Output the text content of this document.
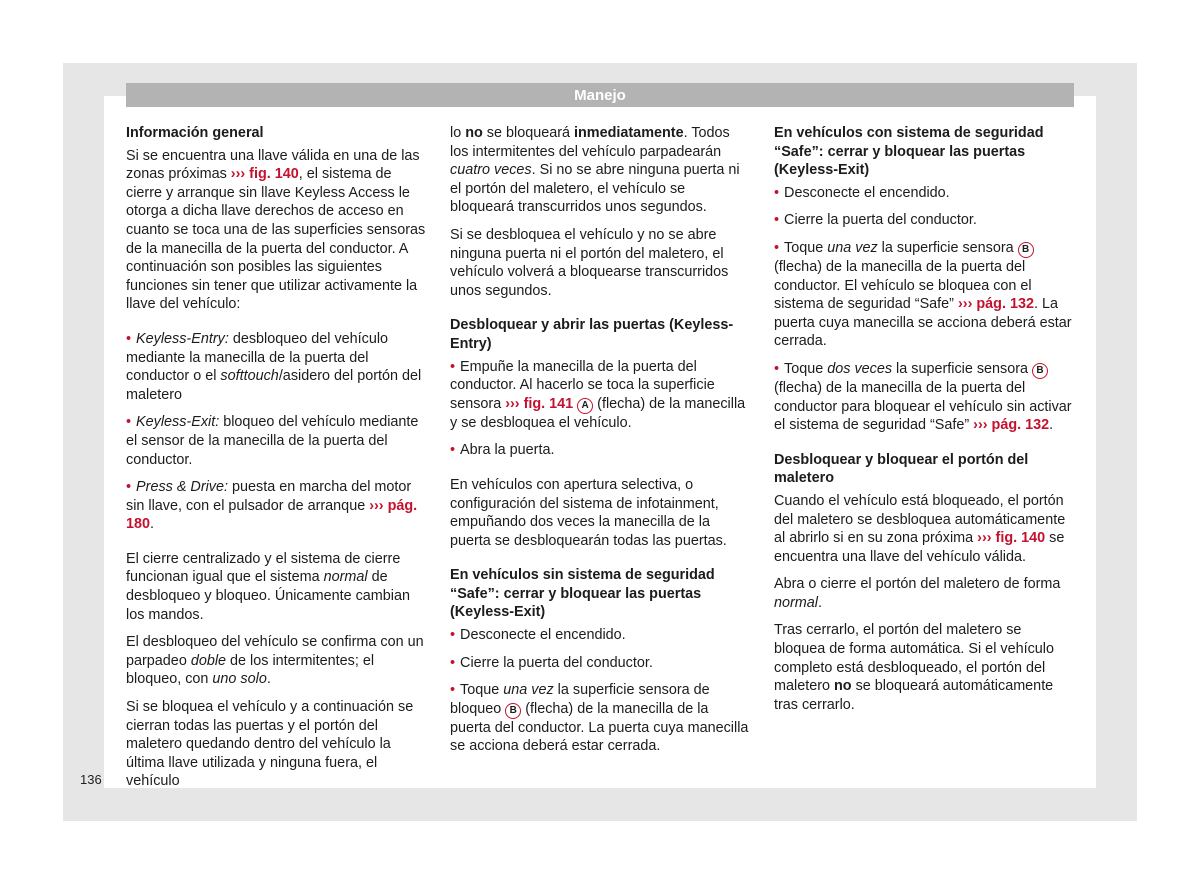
Manejo
Información general

Si se encuentra una llave válida en una de las zonas próximas ››› fig. 140, el sistema de cierre y arranque sin llave Keyless Access le otorga a dicha llave derechos de acceso en cuanto se toca una de las superficies sensoras de la manecilla de la puerta del conductor. A continuación son posibles las siguientes funciones sin tener que utilizar activamente la llave del vehículo:

• Keyless-Entry: desbloqueo del vehículo mediante la manecilla de la puerta del conductor o el softtouch/asidero del portón del maletero

• Keyless-Exit: bloqueo del vehículo mediante el sensor de la manecilla de la puerta del conductor.

• Press & Drive: puesta en marcha del motor sin llave, con el pulsador de arranque ››› pág. 180.

El cierre centralizado y el sistema de cierre funcionan igual que el sistema normal de desbloqueo y bloqueo. Únicamente cambian los mandos.

El desbloqueo del vehículo se confirma con un parpadeo doble de los intermitentes; el bloqueo, con uno solo.

Si se bloquea el vehículo y a continuación se cierran todas las puertas y el portón del maletero quedando dentro del vehículo la última llave utilizada y ninguna fuera, el vehículo

lo no se bloqueará inmediatamente. Todos los intermitentes del vehículo parpadearán cuatro veces. Si no se abre ninguna puerta ni el portón del maletero, el vehículo se bloqueará transcurridos unos segundos.

Si se desbloquea el vehículo y no se abre ninguna puerta ni el portón del maletero, el vehículo volverá a bloquearse transcurridos unos segundos.

Desbloquear y abrir las puertas (Keyless-Entry)

• Empuñe la manecilla de la puerta del conductor. Al hacerlo se toca la superficie sensora ››› fig. 141 A (flecha) de la manecilla y se desbloquea el vehículo.

• Abra la puerta.

En vehículos con apertura selectiva, o configuración del sistema de infotainment, empuñando dos veces la manecilla de la puerta se desbloquearán todas las puertas.

En vehículos sin sistema de seguridad “Safe”: cerrar y bloquear las puertas (Keyless-Exit)

• Desconecte el encendido.

• Cierre la puerta del conductor.

• Toque una vez la superficie sensora de bloqueo B (flecha) de la manecilla de la puerta del conductor. La puerta cuya manecilla se acciona deberá estar cerrada.

En vehículos con sistema de seguridad “Safe”: cerrar y bloquear las puertas (Keyless-Exit)

• Desconecte el encendido.

• Cierre la puerta del conductor.

• Toque una vez la superficie sensora B (flecha) de la manecilla de la puerta del conductor. El vehículo se bloquea con el sistema de seguridad “Safe” ››› pág. 132. La puerta cuya manecilla se acciona deberá estar cerrada.

• Toque dos veces la superficie sensora B (flecha) de la manecilla de la puerta del conductor para bloquear el vehículo sin activar el sistema de seguridad “Safe” ››› pág. 132.

Desbloquear y bloquear el portón del maletero

Cuando el vehículo está bloqueado, el portón del maletero se desbloquea automáticamente al abrirlo si en su zona próxima ››› fig. 140 se encuentra una llave del vehículo válida.

Abra o cierre el portón del maletero de forma normal.

Tras cerrarlo, el portón del maletero se bloquea de forma automática. Si el vehículo completo está desbloqueado, el portón del maletero no se bloqueará automáticamente tras cerrarlo.

136
